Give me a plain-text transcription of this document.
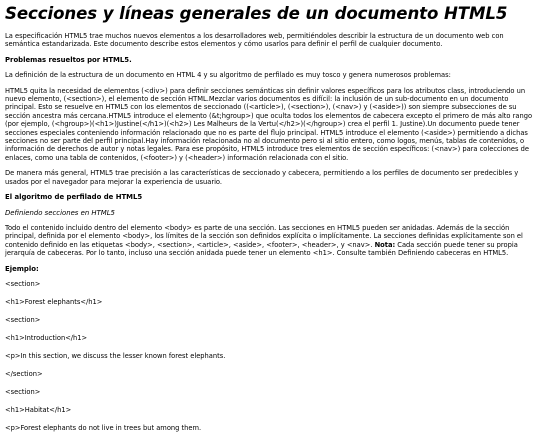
Secciones y líneas generales de un documento HTML5

La especificación HTML5 trae muchos nuevos elementos a los desarrolladores web, permitiéndoles describir la estructura de un documento web con semántica estandarizada. Este documento describe estos elementos y cómo usarlos para definir el perfil de cualquier documento.

Problemas resueltos por HTML5.

La definición de la estructura de un documento en HTML 4 y su algoritmo de perfilado es muy tosco y genera numerosos problemas:

HTML5 quita la necesidad de elementos (<div>) para definir secciones semánticas sin definir valores específicos para los atributos class, introduciendo un nuevo elemento, (<section>), el elemento de sección HTML.Mezclar varios documentos es difícil: la inclusión de un sub-documento en un documento principal. Esto se resuelve en HTML5 con los elementos de seccionado ((<article>), (<section>), (<nav>) y (<aside>)) son siempre subsecciones de su sección ancestra más cercana.HTML5 introduce el elemento (&t;hgroup>) que oculta todos los elementos de cabecera excepto el primero de más alto rango (por ejemplo, (<hgroup>)(<h1>)Justine(</h1>)(<h2>) Les Malheurs de la Vertu(</h2>)(</hgroup>) crea el perfil 1. Justine).Un documento puede tener secciones especiales conteniendo información relacionado que no es parte del flujo principal. HTML5 introduce el elemento (<aside>) permitiendo a dichas secciones no ser parte del perfil principal.Hay información relacionada no al documento pero si al sitio entero, como logos, menús, tablas de contenidos, o información de derechos de autor y notas legales. Para ese propósito, HTML5 introduce tres elementos de sección específicos: (<nav>) para colecciones de enlaces, como una tabla de contenidos, (<footer>) y (<header>) información relacionada con el sitio.

De manera más general, HTML5 trae precisión a las características de seccionado y cabecera, permitiendo a los perfiles de documento ser predecibles y usados por el navegador para mejorar la experiencia de usuario.

El algoritmo de perfilado de HTML5
Definiendo secciones en HTML5

Todo el contenido incluido dentro del elemento <body> es parte de una sección. Las secciones en HTML5 pueden ser anidadas. Además de la sección principal, definida por el elemento <body>, los límites de la sección son definidos explícita o implícitamente. La secciones definidas explícitamente son el contenido definido en las etiquetas <body>, <section>, <article>, <aside>, <footer>, <header>, y <nav>. Nota: Cada sección puede tener su propia jerarquía de cabeceras. Por lo tanto, incluso una sección anidada puede tener un elemento <h1>. Consulte también Definiendo cabeceras en HTML5.

Ejemplo:
<section>
<h1>Forest elephants</h1>
<section>
<h1>Introduction</h1>
<p>In this section, we discuss the lesser known forest elephants.
</section>
<section>
<h1>Habitat</h1>
<p>Forest elephants do not live in trees but among them.
